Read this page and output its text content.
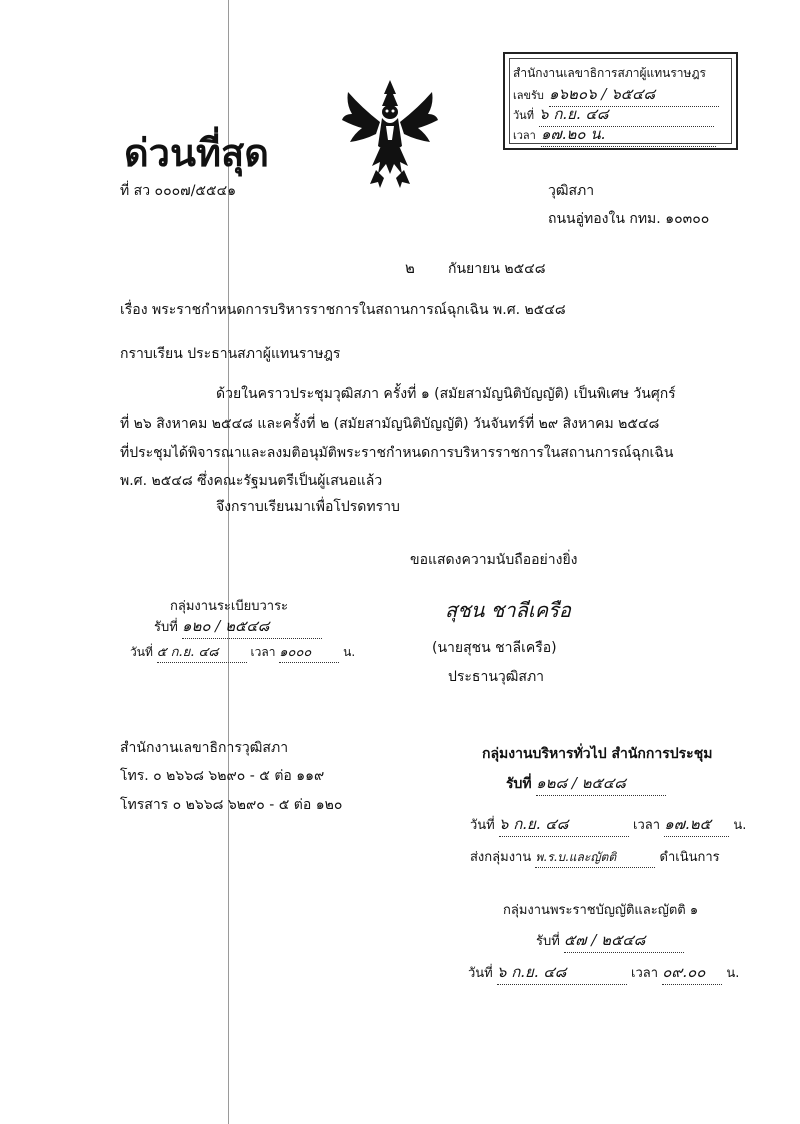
ด่วนที่สุด
ที่ สว ๐๐๐๗/๕๕๔๑
สำนักงานเลขาธิการสภาผู้แทนราษฎร
เลขรับ ๑๖๒๐๖ / ๖๕๔๘
วันที่ ๖ ก.ย. ๔๘
เวลา ๑๗.๒๐ น.
วุฒิสภา
ถนนอู่ทองใน กทม. ๑๐๓๐๐
๒ กันยายน ๒๕๔๘
เรื่อง พระราชกำหนดการบริหารราชการในสถานการณ์ฉุกเฉิน พ.ศ. ๒๕๔๘
กราบเรียน ประธานสภาผู้แทนราษฎร
ด้วยในคราวประชุมวุฒิสภา ครั้งที่ ๑ (สมัยสามัญนิติบัญญัติ) เป็นพิเศษ วันศุกร์
ที่ ๒๖ สิงหาคม ๒๕๔๘ และครั้งที่ ๒ (สมัยสามัญนิติบัญญัติ) วันจันทร์ที่ ๒๙ สิงหาคม ๒๕๔๘
ที่ประชุมได้พิจารณาและลงมติอนุมัติพระราชกำหนดการบริหารราชการในสถานการณ์ฉุกเฉิน
พ.ศ. ๒๕๔๘ ซึ่งคณะรัฐมนตรีเป็นผู้เสนอแล้ว
จึงกราบเรียนมาเพื่อโปรดทราบ
ขอแสดงความนับถืออย่างยิ่ง
สุชน ชาลีเครือ
(นายสุชน ชาลีเครือ)
ประธานวุฒิสภา
กลุ่มงานระเบียบวาระ
รับที่ ๑๒๐ / ๒๕๔๘
วันที่ ๕ ก.ย. ๔๘	เวลา ๑๐๐๐	น.
สำนักงานเลขาธิการวุฒิสภา
โทร. ๐ ๒๖๖๘ ๖๒๙๐ - ๕ ต่อ ๑๑๙
โทรสาร ๐ ๒๖๖๘ ๖๒๙๐ - ๕ ต่อ ๑๒๐
กลุ่มงานบริหารทั่วไป สำนักการประชุม
รับที่ ๑๒๘ / ๒๕๔๘
วันที่ ๖ ก.ย. ๔๘	เวลา ๑๗.๒๕ น.
ส่งกลุ่มงาน พ.ร.บ.และญัตติ	ดำเนินการ
กลุ่มงานพระราชบัญญัติและญัตติ ๑
รับที่ ๕๗ / ๒๕๔๘
วันที่ ๖ ก.ย. ๔๘	เวลา ๐๙.๐๐ น.
